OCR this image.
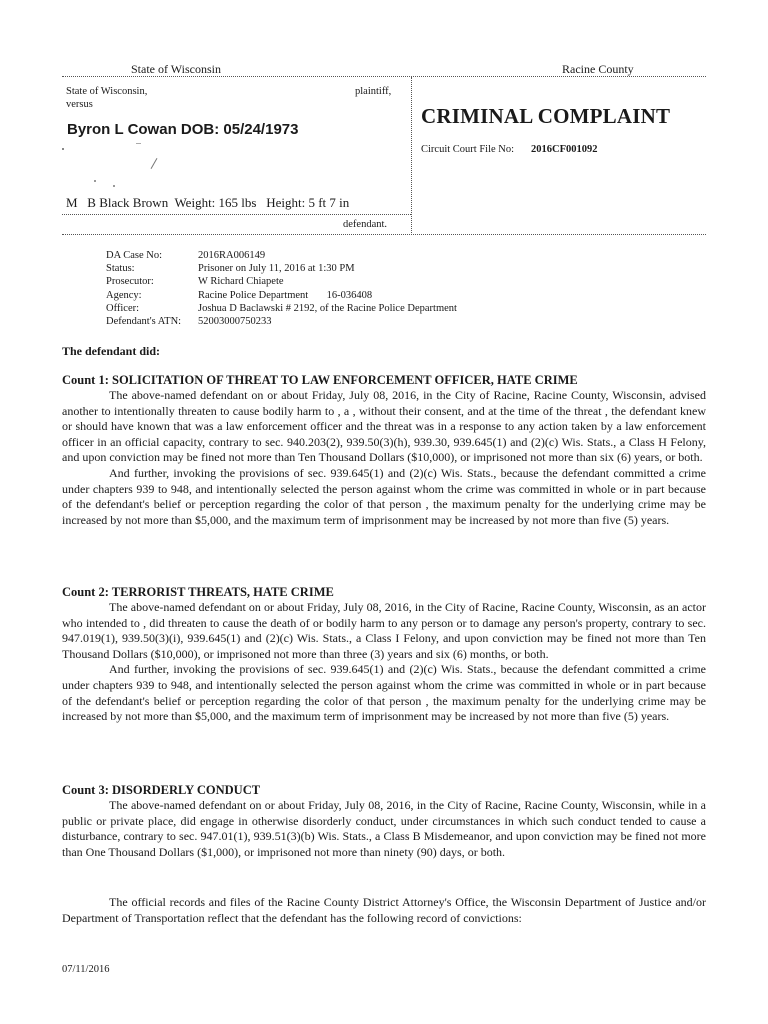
State of Wisconsin	Racine County
State of Wisconsin,	plaintiff,
versus
Byron L Cowan DOB: 05/24/1973
M   B Black Brown  Weight: 165 lbs   Height: 5 ft 7 in
defendant.
CRIMINAL COMPLAINT
Circuit Court File No: 2016CF001092
DA Case No:	2016RA006149
Status:	Prisoner on July 11, 2016 at 1:30 PM
Prosecutor:	W Richard Chiapete
Agency:	Racine Police Department       16-036408
Officer:	Joshua D Baclawski # 2192, of the Racine Police Department
Defendant's ATN:	52003000750233
The defendant did:
Count 1: SOLICITATION OF THREAT TO LAW ENFORCEMENT OFFICER, HATE CRIME

The above-named defendant on or about Friday, July 08, 2016, in the City of Racine, Racine County, Wisconsin, advised another to intentionally threaten to cause bodily harm to , a , without their consent, and at the time of the threat , the defendant knew or should have known that was a law enforcement officer and the threat was in a response to any action taken by a law enforcement officer in an official capacity, contrary to sec. 940.203(2), 939.50(3)(h), 939.30, 939.645(1) and (2)(c) Wis. Stats., a Class H Felony, and upon conviction may be fined not more than Ten Thousand Dollars ($10,000), or imprisoned not more than six (6) years, or both.

And further, invoking the provisions of sec. 939.645(1) and (2)(c) Wis. Stats., because the defendant committed a crime under chapters 939 to 948, and intentionally selected the person against whom the crime was committed in whole or in part because of the defendant's belief or perception regarding the color of that person , the maximum penalty for the underlying crime may be increased by not more than $5,000, and the maximum term of imprisonment may be increased by not more than five (5) years.

Count 2: TERRORIST THREATS, HATE CRIME

The above-named defendant on or about Friday, July 08, 2016, in the City of Racine, Racine County, Wisconsin, as an actor who intended to , did threaten to cause the death of or bodily harm to any person or to damage any person's property, contrary to sec. 947.019(1), 939.50(3)(i), 939.645(1) and (2)(c) Wis. Stats., a Class I Felony, and upon conviction may be fined not more than Ten Thousand Dollars ($10,000), or imprisoned not more than three (3) years and six (6) months, or both.

And further, invoking the provisions of sec. 939.645(1) and (2)(c) Wis. Stats., because the defendant committed a crime under chapters 939 to 948, and intentionally selected the person against whom the crime was committed in whole or in part because of the defendant's belief or perception regarding the color of that person , the maximum penalty for the underlying crime may be increased by not more than $5,000, and the maximum term of imprisonment may be increased by not more than five (5) years.

Count 3: DISORDERLY CONDUCT

The above-named defendant on or about Friday, July 08, 2016, in the City of Racine, Racine County, Wisconsin, while in a public or private place, did engage in otherwise disorderly conduct, under circumstances in which such conduct tended to cause a disturbance, contrary to sec. 947.01(1), 939.51(3)(b) Wis. Stats., a Class B Misdemeanor, and upon conviction may be fined not more than One Thousand Dollars ($1,000), or imprisoned not more than ninety (90) days, or both.

The official records and files of the Racine County District Attorney's Office, the Wisconsin Department of Justice and/or Department of Transportation reflect that the defendant has the following record of convictions:

07/11/2016
